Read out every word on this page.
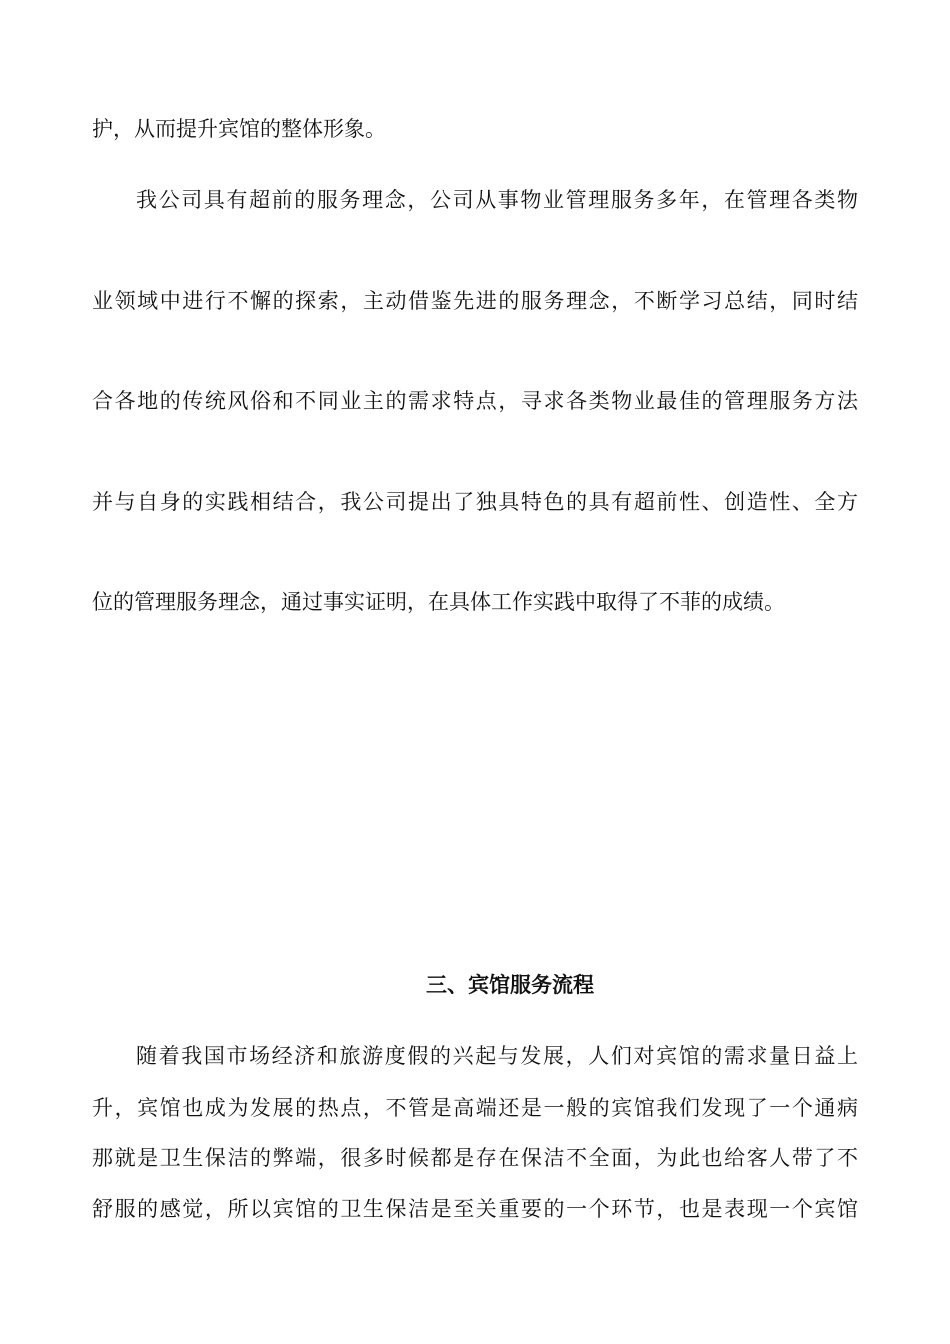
护，从而提升宾馆的整体形象。
我公司具有超前的服务理念，公司从事物业管理服务多年，在管理各类物
业领域中进行不懈的探索，主动借鉴先进的服务理念，不断学习总结，同时结
合各地的传统风俗和不同业主的需求特点，寻求各类物业最佳的管理服务方法
并与自身的实践相结合，我公司提出了独具特色的具有超前性、创造性、全方
位的管理服务理念，通过事实证明，在具体工作实践中取得了不菲的成绩。
三、宾馆服务流程
随着我国市场经济和旅游度假的兴起与发展，人们对宾馆的需求量日益上
升，宾馆也成为发展的热点，不管是高端还是一般的宾馆我们发现了一个通病
那就是卫生保洁的弊端，很多时候都是存在保洁不全面，为此也给客人带了不
舒服的感觉，所以宾馆的卫生保洁是至关重要的一个环节，也是表现一个宾馆
